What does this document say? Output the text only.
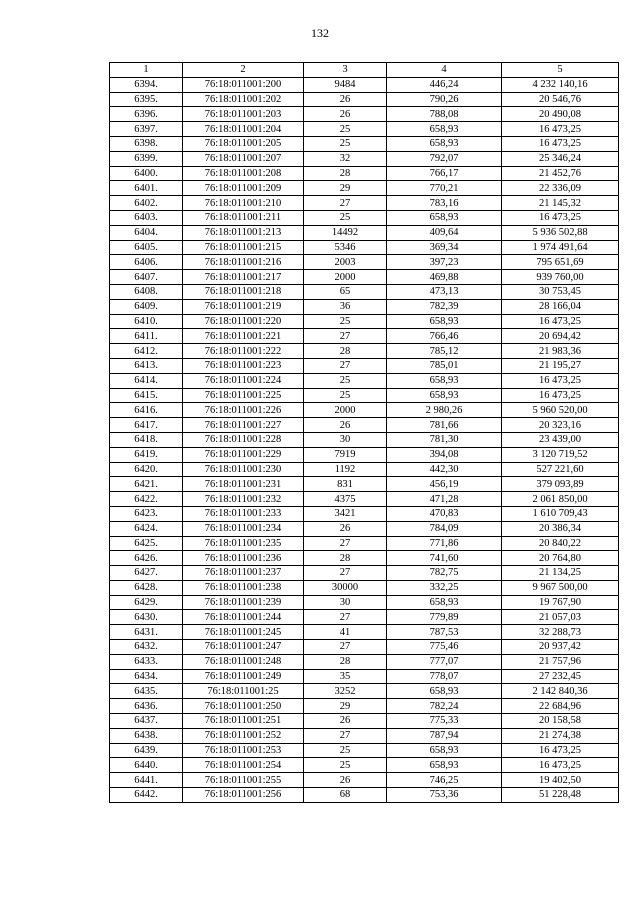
132
1	2	3	4	5
6394.	76:18:011001:200	9484	446,24	4 232 140,16
6395.	76:18:011001:202	26	790,26	20 546,76
6396.	76:18:011001:203	26	788,08	20 490,08
6397.	76:18:011001:204	25	658,93	16 473,25
6398.	76:18:011001:205	25	658,93	16 473,25
6399.	76:18:011001:207	32	792,07	25 346,24
6400.	76:18:011001:208	28	766,17	21 452,76
6401.	76:18:011001:209	29	770,21	22 336,09
6402.	76:18:011001:210	27	783,16	21 145,32
6403.	76:18:011001:211	25	658,93	16 473,25
6404.	76:18:011001:213	14492	409,64	5 936 502,88
6405.	76:18:011001:215	5346	369,34	1 974 491,64
6406.	76:18:011001:216	2003	397,23	795 651,69
6407.	76:18:011001:217	2000	469,88	939 760,00
6408.	76:18:011001:218	65	473,13	30 753,45
6409.	76:18:011001:219	36	782,39	28 166,04
6410.	76:18:011001:220	25	658,93	16 473,25
6411.	76:18:011001:221	27	766,46	20 694,42
6412.	76:18:011001:222	28	785,12	21 983,36
6413.	76:18:011001:223	27	785,01	21 195,27
6414.	76:18:011001:224	25	658,93	16 473,25
6415.	76:18:011001:225	25	658,93	16 473,25
6416.	76:18:011001:226	2000	2 980,26	5 960 520,00
6417.	76:18:011001:227	26	781,66	20 323,16
6418.	76:18:011001:228	30	781,30	23 439,00
6419.	76:18:011001:229	7919	394,08	3 120 719,52
6420.	76:18:011001:230	1192	442,30	527 221,60
6421.	76:18:011001:231	831	456,19	379 093,89
6422.	76:18:011001:232	4375	471,28	2 061 850,00
6423.	76:18:011001:233	3421	470,83	1 610 709,43
6424.	76:18:011001:234	26	784,09	20 386,34
6425.	76:18:011001:235	27	771,86	20 840,22
6426.	76:18:011001:236	28	741,60	20 764,80
6427.	76:18:011001:237	27	782,75	21 134,25
6428.	76:18:011001:238	30000	332,25	9 967 500,00
6429.	76:18:011001:239	30	658,93	19 767,90
6430.	76:18:011001:244	27	779,89	21 057,03
6431.	76:18:011001:245	41	787,53	32 288,73
6432.	76:18:011001:247	27	775,46	20 937,42
6433.	76:18:011001:248	28	777,07	21 757,96
6434.	76:18:011001:249	35	778,07	27 232,45
6435.	76:18:011001:25	3252	658,93	2 142 840,36
6436.	76:18:011001:250	29	782,24	22 684,96
6437.	76:18:011001:251	26	775,33	20 158,58
6438.	76:18:011001:252	27	787,94	21 274,38
6439.	76:18:011001:253	25	658,93	16 473,25
6440.	76:18:011001:254	25	658,93	16 473,25
6441.	76:18:011001:255	26	746,25	19 402,50
6442.	76:18:011001:256	68	753,36	51 228,48
